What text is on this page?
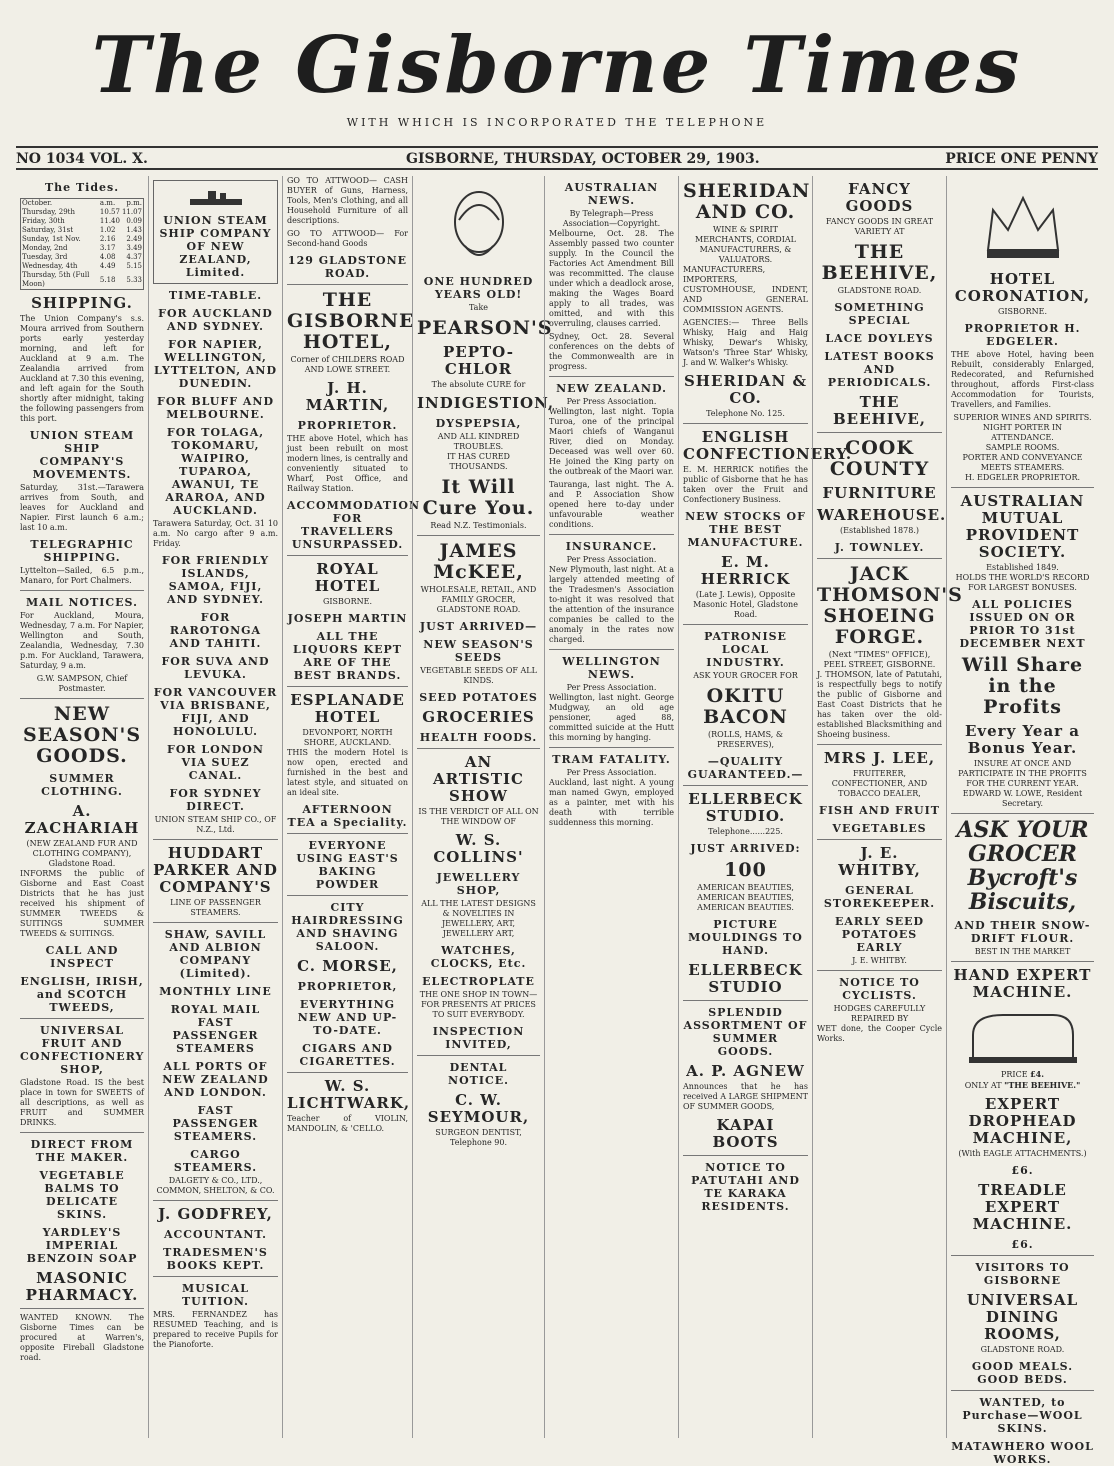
The Gisborne Times
WITH WHICH IS INCORPORATED THE TELEPHONE
NO 1034 VOL. X.	GISBORNE, THURSDAY, OCTOBER 29, 1903.	PRICE ONE PENNY
The Tides.
October.	a.m.	p.m.
Thursday, 29th	10.57	11.07
Friday, 30th	11.40	0.09
Saturday, 31st	1.02	1.43
Sunday, 1st Nov.	2.16	2.49
Monday, 2nd	3.17	3.49
Tuesday, 3rd	4.08	4.37
Wednesday, 4th	4.49	5.15
Thursday, 5th (Full Moon)	5.18	5.33
SHIPPING.
The Union Company's s.s. Moura arrived from Southern ports early yesterday morning, and left for Auckland at 9 a.m. The Zealandia arrived from Auckland at 7.30 this evening, and left again for the South shortly after midnight, taking the following passengers from this port.
UNION STEAM SHIP COMPANY'S MOVEMENTS.
Saturday, 31st.—Tarawera arrives from South, and leaves for Auckland and Napier. First launch 6 a.m.; last 10 a.m.
TELEGRAPHIC SHIPPING.
Lyttelton—Sailed, 6.5 p.m., Manaro, for Port Chalmers.
MAIL NOTICES.
For Auckland, Moura, Wednesday, 7 a.m. For Napier, Wellington and South, Zealandia, Wednesday, 7.30 p.m. For Auckland, Tarawera, Saturday, 9 a.m.
G.W. SAMPSON, Chief Postmaster.
NEW SEASON'S GOODS.
SUMMER CLOTHING.
A. ZACHARIAH
(NEW ZEALAND FUR AND CLOTHING COMPANY), Gladstone Road.
INFORMS the public of Gisborne and East Coast Districts that he has just received his shipment of SUMMER TWEEDS & SUITINGS SUMMER TWEEDS & SUITINGS.
CALL AND INSPECT
ENGLISH, IRISH, and SCOTCH TWEEDS,
UNIVERSAL FRUIT AND CONFECTIONERY SHOP,
Gladstone Road. IS the best place in town for SWEETS of all descriptions, as well as FRUIT and SUMMER DRINKS.
DIRECT FROM THE MAKER.
VEGETABLE BALMS TO DELICATE SKINS.
YARDLEY'S IMPERIAL BENZOIN SOAP
MASONIC PHARMACY.
WANTED KNOWN. The Gisborne Times can be procured at Warren's, opposite Fireball Gladstone road.
UNION STEAM SHIP COMPANY OF NEW ZEALAND, Limited.
TIME-TABLE.
FOR AUCKLAND AND SYDNEY.
FOR NAPIER, WELLINGTON, LYTTELTON, AND DUNEDIN.
FOR BLUFF AND MELBOURNE.
FOR TOLAGA, TOKOMARU, WAIPIRO, TUPAROA, AWANUI, TE ARAROA, AND AUCKLAND.
Tarawera Saturday, Oct. 31 10 a.m. No cargo after 9 a.m. Friday.
FOR FRIENDLY ISLANDS, SAMOA, FIJI, AND SYDNEY.
FOR RAROTONGA AND TAHITI.
FOR SUVA AND LEVUKA.
FOR VANCOUVER VIA BRISBANE, FIJI, AND HONOLULU.
FOR LONDON VIA SUEZ CANAL.
FOR SYDNEY DIRECT.
UNION STEAM SHIP CO., OF N.Z., Ltd.
HUDDART PARKER AND COMPANY'S
LINE OF PASSENGER STEAMERS.
SHAW, SAVILL AND ALBION COMPANY (Limited).
MONTHLY LINE
ROYAL MAIL FAST PASSENGER STEAMERS
ALL PORTS OF NEW ZEALAND AND LONDON.
FAST PASSENGER STEAMERS.
CARGO STEAMERS.
DALGETY & CO., LTD., COMMON, SHELTON, & CO.
J. GODFREY,
ACCOUNTANT.
TRADESMEN'S BOOKS KEPT.
MUSICAL TUITION.
MRS. FERNANDEZ has RESUMED Teaching, and is prepared to receive Pupils for the Pianoforte.
GO TO ATTWOOD— CASH BUYER of Guns, Harness, Tools, Men's Clothing, and all Household Furniture of all descriptions.
GO TO ATTWOOD— For Second-hand Goods
129 GLADSTONE ROAD.
THE GISBORNE HOTEL,
Corner of CHILDERS ROAD AND LOWE STREET.
J. H. MARTIN,
PROPRIETOR.
THE above Hotel, which has just been rebuilt on most modern lines, is centrally and conveniently situated to Wharf, Post Office, and Railway Station.
ACCOMMODATION FOR TRAVELLERS UNSURPASSED.
ROYAL HOTEL
GISBORNE.
JOSEPH MARTIN
ALL THE LIQUORS KEPT ARE OF THE BEST BRANDS.
ESPLANADE HOTEL
DEVONPORT, NORTH SHORE, AUCKLAND.
THIS the modern Hotel is now open, erected and furnished in the best and latest style, and situated on an ideal site.
AFTERNOON TEA a Speciality.
EVERYONE USING EAST'S BAKING POWDER
CITY HAIRDRESSING AND SHAVING SALOON.
C. MORSE,
PROPRIETOR,
EVERYTHING NEW AND UP-TO-DATE.
CIGARS AND CIGARETTES.
W. S. LICHTWARK,
Teacher of VIOLIN, MANDOLIN, & 'CELLO.
ONE HUNDRED YEARS OLD!
Take
PEARSON'S
PEPTO-CHLOR
The absolute CURE for
INDIGESTION,
DYSPEPSIA,
AND ALL KINDRED TROUBLES.
IT HAS CURED THOUSANDS.
It Will Cure You.
Read N.Z. Testimonials.
JAMES McKEE,
WHOLESALE, RETAIL, AND FAMILY GROCER, GLADSTONE ROAD.
JUST ARRIVED—
NEW SEASON'S SEEDS
VEGETABLE SEEDS OF ALL KINDS.
SEED POTATOES
GROCERIES
HEALTH FOODS.
AN ARTISTIC SHOW
IS THE VERDICT OF ALL ON THE WINDOW OF
W. S. COLLINS'
JEWELLERY SHOP,
ALL THE LATEST DESIGNS & NOVELTIES IN JEWELLERY, ART, JEWELLERY ART,
WATCHES, CLOCKS, Etc.
ELECTROPLATE
THE ONE SHOP IN TOWN—FOR PRESENTS AT PRICES TO SUIT EVERYBODY.
INSPECTION INVITED,
DENTAL NOTICE.
C. W. SEYMOUR,
SURGEON DENTIST,
Telephone 90.
AUSTRALIAN NEWS.
By Telegraph—Press Association—Copyright.
Melbourne, Oct. 28. The Assembly passed two counter supply. In the Council the Factories Act Amendment Bill was recommitted. The clause under which a deadlock arose, making the Wages Board apply to all trades, was omitted, and with this overruling, clauses carried.
Sydney, Oct. 28. Several conferences on the debts of the Commonwealth are in progress.
NEW ZEALAND.
Per Press Association.
Wellington, last night. Topia Turoa, one of the principal Maori chiefs of Wanganui River, died on Monday. Deceased was well over 60. He joined the King party on the outbreak of the Maori war.
Tauranga, last night. The A. and P. Association Show opened here to-day under unfavourable weather conditions.
INSURANCE.
Per Press Association.
New Plymouth, last night. At a largely attended meeting of the Tradesmen's Association to-night it was resolved that the attention of the insurance companies be called to the anomaly in the rates now charged.
WELLINGTON NEWS.
Per Press Association.
Wellington, last night. George Mudgway, an old age pensioner, aged 88, committed suicide at the Hutt this morning by hanging.
TRAM FATALITY.
Per Press Association.
Auckland, last night. A young man named Gwyn, employed as a painter, met with his death with terrible suddenness this morning.
SHERIDAN AND CO.
WINE & SPIRIT MERCHANTS, CORDIAL MANUFACTURERS, & VALUATORS.
MANUFACTURERS, IMPORTERS, CUSTOMHOUSE, INDENT, AND GENERAL COMMISSION AGENTS.
AGENCIES:— Three Bells Whisky, Haig and Haig Whisky, Dewar's Whisky, Watson's 'Three Star' Whisky, J. and W. Walker's Whisky.
SHERIDAN & CO.
Telephone No. 125.
ENGLISH CONFECTIONERY.
E. M. HERRICK notifies the public of Gisborne that he has taken over the Fruit and Confectionery Business.
NEW STOCKS OF THE BEST MANUFACTURE.
E. M. HERRICK
(Late J. Lewis), Opposite Masonic Hotel, Gladstone Road.
PATRONISE LOCAL INDUSTRY.
ASK YOUR GROCER FOR
OKITU BACON
(ROLLS, HAMS, & PRESERVES),
—QUALITY GUARANTEED.—
ELLERBECK STUDIO.
Telephone......225.
JUST ARRIVED:
100
AMERICAN BEAUTIES, AMERICAN BEAUTIES, AMERICAN BEAUTIES.
PICTURE MOULDINGS TO HAND.
ELLERBECK STUDIO
SPLENDID ASSORTMENT OF SUMMER GOODS.
A. P. AGNEW
Announces that he has received A LARGE SHIPMENT OF SUMMER GOODS,
KAPAI BOOTS
NOTICE TO PATUTAHI AND TE KARAKA RESIDENTS.
FANCY GOODS
FANCY GOODS IN GREAT VARIETY AT
THE BEEHIVE,
GLADSTONE ROAD.
SOMETHING SPECIAL
LACE DOYLEYS
LATEST BOOKS AND PERIODICALS.
THE BEEHIVE,
COOK COUNTY
FURNITURE
WAREHOUSE.
(Established 1878.)
J. TOWNLEY.
JACK THOMSON'S SHOEING FORGE.
(Next "TIMES" OFFICE), PEEL STREET, GISBORNE.
J. THOMSON, late of Patutahi, is respectfully begs to notify the public of Gisborne and East Coast Districts that he has taken over the old-established Blacksmithing and Shoeing business.
MRS J. LEE,
FRUITERER, CONFECTIONER, AND TOBACCO DEALER,
FISH AND FRUIT
VEGETABLES
J. E. WHITBY,
GENERAL STOREKEEPER.
EARLY SEED POTATOES EARLY
J. E. WHITBY.
NOTICE TO CYCLISTS.
HODGES CAREFULLY REPAIRED BY
WET done, the Cooper Cycle Works.
HOTEL CORONATION,
GISBORNE.
PROPRIETOR H. EDGELER.
THE above Hotel, having been Rebuilt, considerably Enlarged, Redecorated, and Refurnished throughout, affords First-class Accommodation for Tourists, Travellers, and Families.
SUPERIOR WINES AND SPIRITS.
NIGHT PORTER IN ATTENDANCE.
SAMPLE ROOMS.
PORTER AND CONVEYANCE MEETS STEAMERS.
H. EDGELER PROPRIETOR.
AUSTRALIAN MUTUAL PROVIDENT SOCIETY.
Established 1849.
HOLDS THE WORLD'S RECORD FOR LARGEST BONUSES.
ALL POLICIES ISSUED ON OR PRIOR TO 31st DECEMBER NEXT
Will Share in the Profits
Every Year a Bonus Year.
INSURE AT ONCE AND PARTICIPATE IN THE PROFITS FOR THE CURRENT YEAR.
EDWARD W. LOWE, Resident Secretary.
ASK YOUR GROCER
Bycroft's Biscuits,
AND THEIR SNOW-DRIFT FLOUR.
BEST IN THE MARKET
HAND EXPERT MACHINE.
PRICE £4.
ONLY AT "THE BEEHIVE."
EXPERT DROPHEAD MACHINE,
(With EAGLE ATTACHMENTS.)
£6.
TREADLE EXPERT MACHINE.
£6.
VISITORS TO GISBORNE
UNIVERSAL DINING ROOMS,
GLADSTONE ROAD.
GOOD MEALS. GOOD BEDS.
WANTED, to Purchase—WOOL SKINS.
MATAWHERO WOOL WORKS.
